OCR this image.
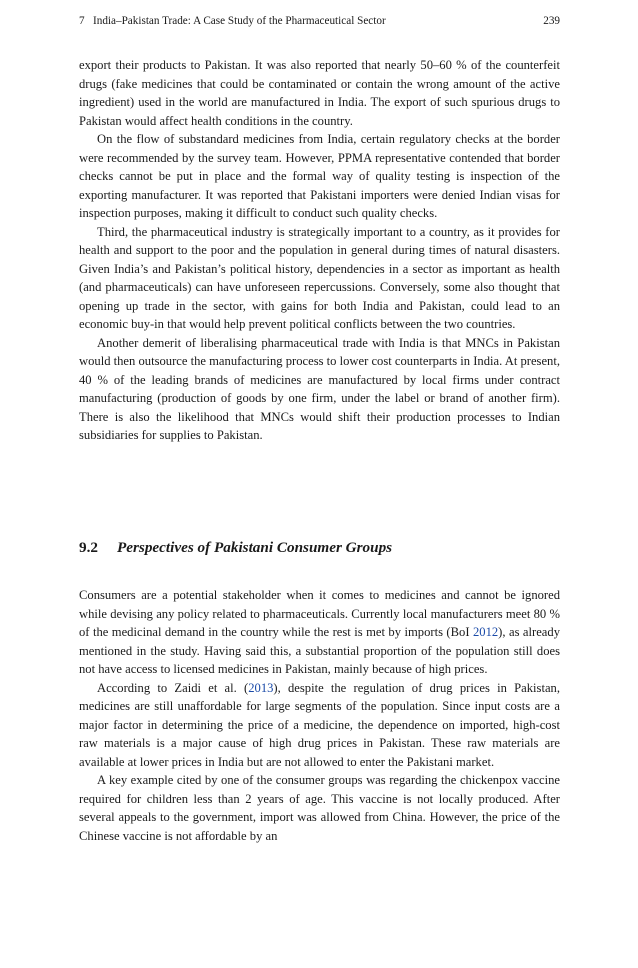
7 India–Pakistan Trade: A Case Study of the Pharmaceutical Sector	239

export their products to Pakistan. It was also reported that nearly 50–60 % of the counterfeit drugs (fake medicines that could be contaminated or contain the wrong amount of the active ingredient) used in the world are manufactured in India. The export of such spurious drugs to Pakistan would affect health conditions in the country.

On the flow of substandard medicines from India, certain regulatory checks at the border were recommended by the survey team. However, PPMA representative contended that border checks cannot be put in place and the formal way of quality testing is inspection of the exporting manufacturer. It was reported that Pakistani importers were denied Indian visas for inspection purposes, making it difficult to conduct such quality checks.

Third, the pharmaceutical industry is strategically important to a country, as it provides for health and support to the poor and the population in general during times of natural disasters. Given India’s and Pakistan’s political history, dependencies in a sector as important as health (and pharmaceuticals) can have unforeseen repercussions. Conversely, some also thought that opening up trade in the sector, with gains for both India and Pakistan, could lead to an economic buy-in that would help prevent political conflicts between the two countries.

Another demerit of liberalising pharmaceutical trade with India is that MNCs in Pakistan would then outsource the manufacturing process to lower cost counterparts in India. At present, 40 % of the leading brands of medicines are manufactured by local firms under contract manufacturing (production of goods by one firm, under the label or brand of another firm). There is also the likelihood that MNCs would shift their production processes to Indian subsidiaries for supplies to Pakistan.

9.2 Perspectives of Pakistani Consumer Groups

Consumers are a potential stakeholder when it comes to medicines and cannot be ignored while devising any policy related to pharmaceuticals. Currently local manufacturers meet 80 % of the medicinal demand in the country while the rest is met by imports (BoI 2012), as already mentioned in the study. Having said this, a substantial proportion of the population still does not have access to licensed medicines in Pakistan, mainly because of high prices.

According to Zaidi et al. (2013), despite the regulation of drug prices in Pakistan, medicines are still unaffordable for large segments of the population. Since input costs are a major factor in determining the price of a medicine, the dependence on imported, high-cost raw materials is a major cause of high drug prices in Pakistan. These raw materials are available at lower prices in India but are not allowed to enter the Pakistani market.

A key example cited by one of the consumer groups was regarding the chickenpox vaccine required for children less than 2 years of age. This vaccine is not locally produced. After several appeals to the government, import was allowed from China. However, the price of the Chinese vaccine is not affordable by an
